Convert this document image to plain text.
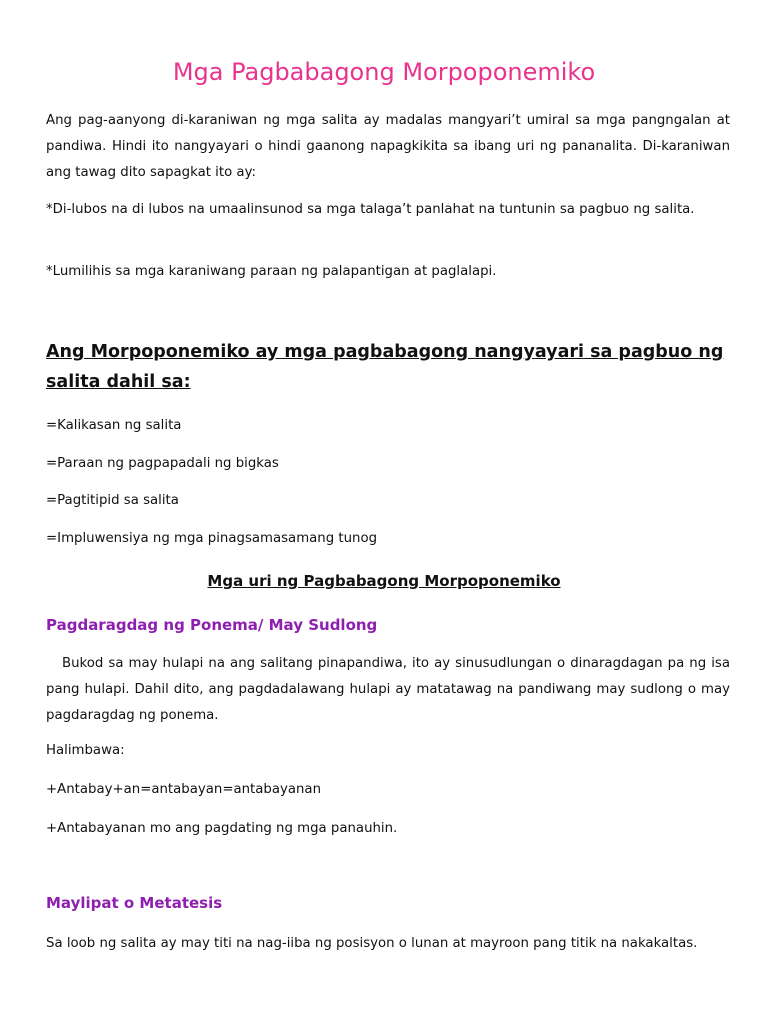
Mga Pagbabagong Morpoponemiko
Ang pag-aanyong di-karaniwan ng mga salita ay madalas mangyari’t umiral sa mga pangngalan at pandiwa. Hindi ito nangyayari o hindi gaanong napagkikita sa ibang uri ng pananalita. Di-karaniwan ang tawag dito sapagkat ito ay:
*Di-lubos na di lubos na umaalinsunod sa mga talaga’t panlahat na tuntunin sa pagbuo ng salita.
*Lumilihis sa mga karaniwang paraan ng palapantigan at paglalapi.
Ang Morpoponemiko ay mga pagbabagong nangyayari sa pagbuo ng salita dahil sa:
=Kalikasan ng salita
=Paraan ng pagpapadali ng bigkas
=Pagtitipid sa salita
=Impluwensiya ng mga pinagsamasamang tunog
Mga uri ng Pagbabagong Morpoponemiko
Pagdaragdag ng Ponema/ May Sudlong
Bukod sa may hulapi na ang salitang pinapandiwa, ito ay sinusudlungan o dinaragdagan pa ng isa pang hulapi. Dahil dito, ang pagdadalawang hulapi ay matatawag na pandiwang may sudlong o may pagdaragdag ng ponema.
Halimbawa:
+Antabay+an=antabayan=antabayanan
+Antabayanan mo ang pagdating ng mga panauhin.
Maylipat o Metatesis
Sa loob ng salita ay may titi na nag-iiba ng posisyon o lunan at mayroon pang titik na nakakaltas.
